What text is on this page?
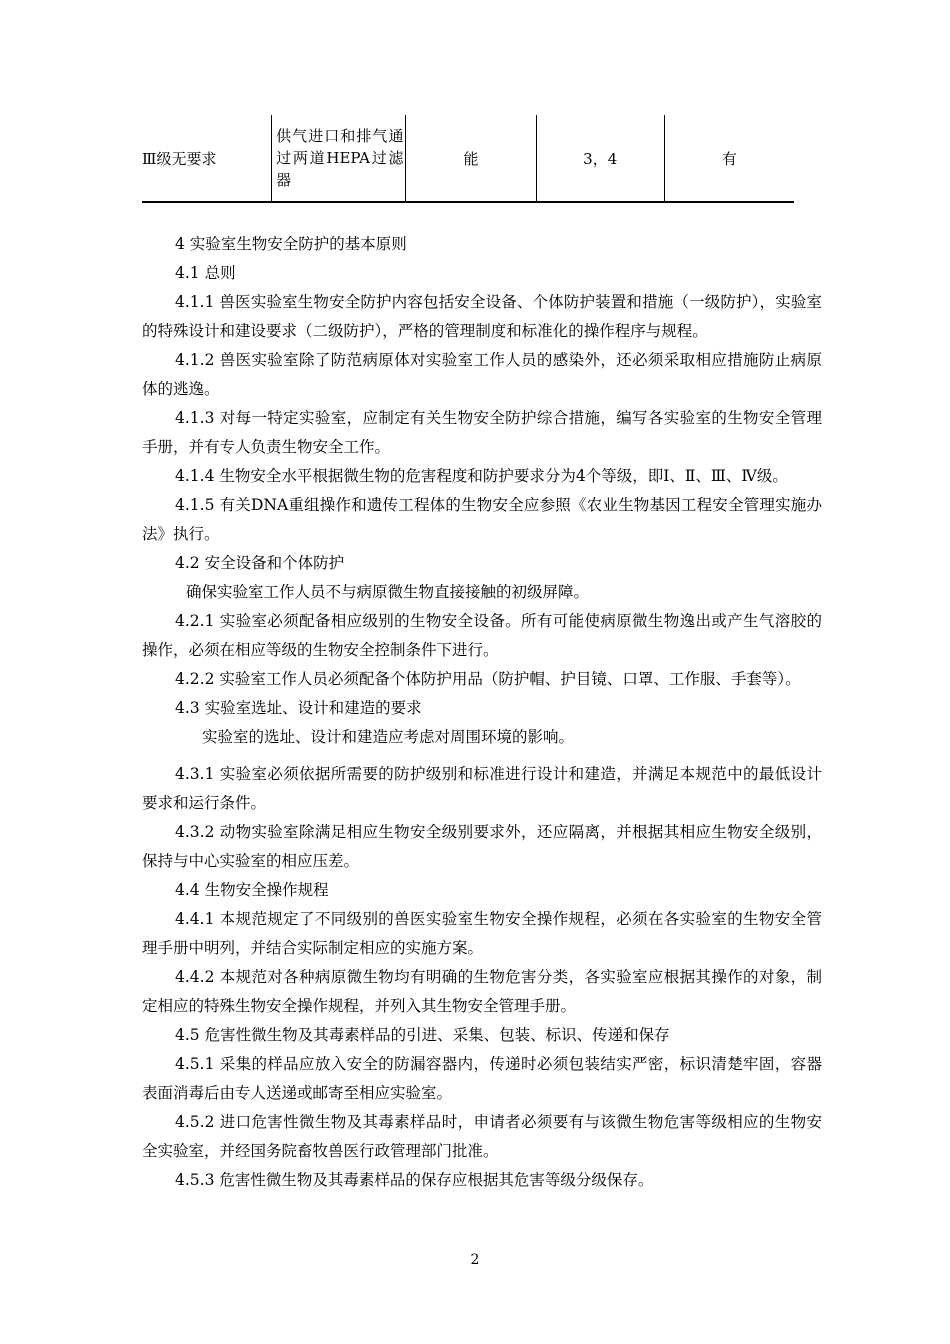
Ⅲ级无要求	供气进口和排气通过两道HEPA过滤器	能	3，4	有

4 实验室生物安全防护的基本原则

4.1 总则

4.1.1 兽医实验室生物安全防护内容包括安全设备、个体防护装置和措施（一级防护），实验室的特殊设计和建设要求（二级防护），严格的管理制度和标准化的操作程序与规程。

4.1.2 兽医实验室除了防范病原体对实验室工作人员的感染外，还必须采取相应措施防止病原体的逃逸。

4.1.3 对每一特定实验室，应制定有关生物安全防护综合措施，编写各实验室的生物安全管理手册，并有专人负责生物安全工作。

4.1.4 生物安全水平根据微生物的危害程度和防护要求分为4个等级，即Ⅰ、Ⅱ、Ⅲ、Ⅳ级。

4.1.5 有关DNA重组操作和遗传工程体的生物安全应参照《农业生物基因工程安全管理实施办法》执行。

4.2 安全设备和个体防护

确保实验室工作人员不与病原微生物直接接触的初级屏障。

4.2.1 实验室必须配备相应级别的生物安全设备。所有可能使病原微生物逸出或产生气溶胶的操作，必须在相应等级的生物安全控制条件下进行。

4.2.2 实验室工作人员必须配备个体防护用品（防护帽、护目镜、口罩、工作服、手套等）。

4.3 实验室选址、设计和建造的要求

实验室的选址、设计和建造应考虑对周围环境的影响。

4.3.1 实验室必须依据所需要的防护级别和标准进行设计和建造，并满足本规范中的最低设计要求和运行条件。

4.3.2 动物实验室除满足相应生物安全级别要求外，还应隔离，并根据其相应生物安全级别，保持与中心实验室的相应压差。

4.4 生物安全操作规程

4.4.1 本规范规定了不同级别的兽医实验室生物安全操作规程，必须在各实验室的生物安全管理手册中明列，并结合实际制定相应的实施方案。

4.4.2 本规范对各种病原微生物均有明确的生物危害分类，各实验室应根据其操作的对象，制定相应的特殊生物安全操作规程，并列入其生物安全管理手册。

4.5 危害性微生物及其毒素样品的引进、采集、包装、标识、传递和保存

4.5.1 采集的样品应放入安全的防漏容器内，传递时必须包装结实严密，标识清楚牢固，容器表面消毒后由专人送递或邮寄至相应实验室。

4.5.2 进口危害性微生物及其毒素样品时，申请者必须要有与该微生物危害等级相应的生物安全实验室，并经国务院畜牧兽医行政管理部门批准。

4.5.3 危害性微生物及其毒素样品的保存应根据其危害等级分级保存。

2
